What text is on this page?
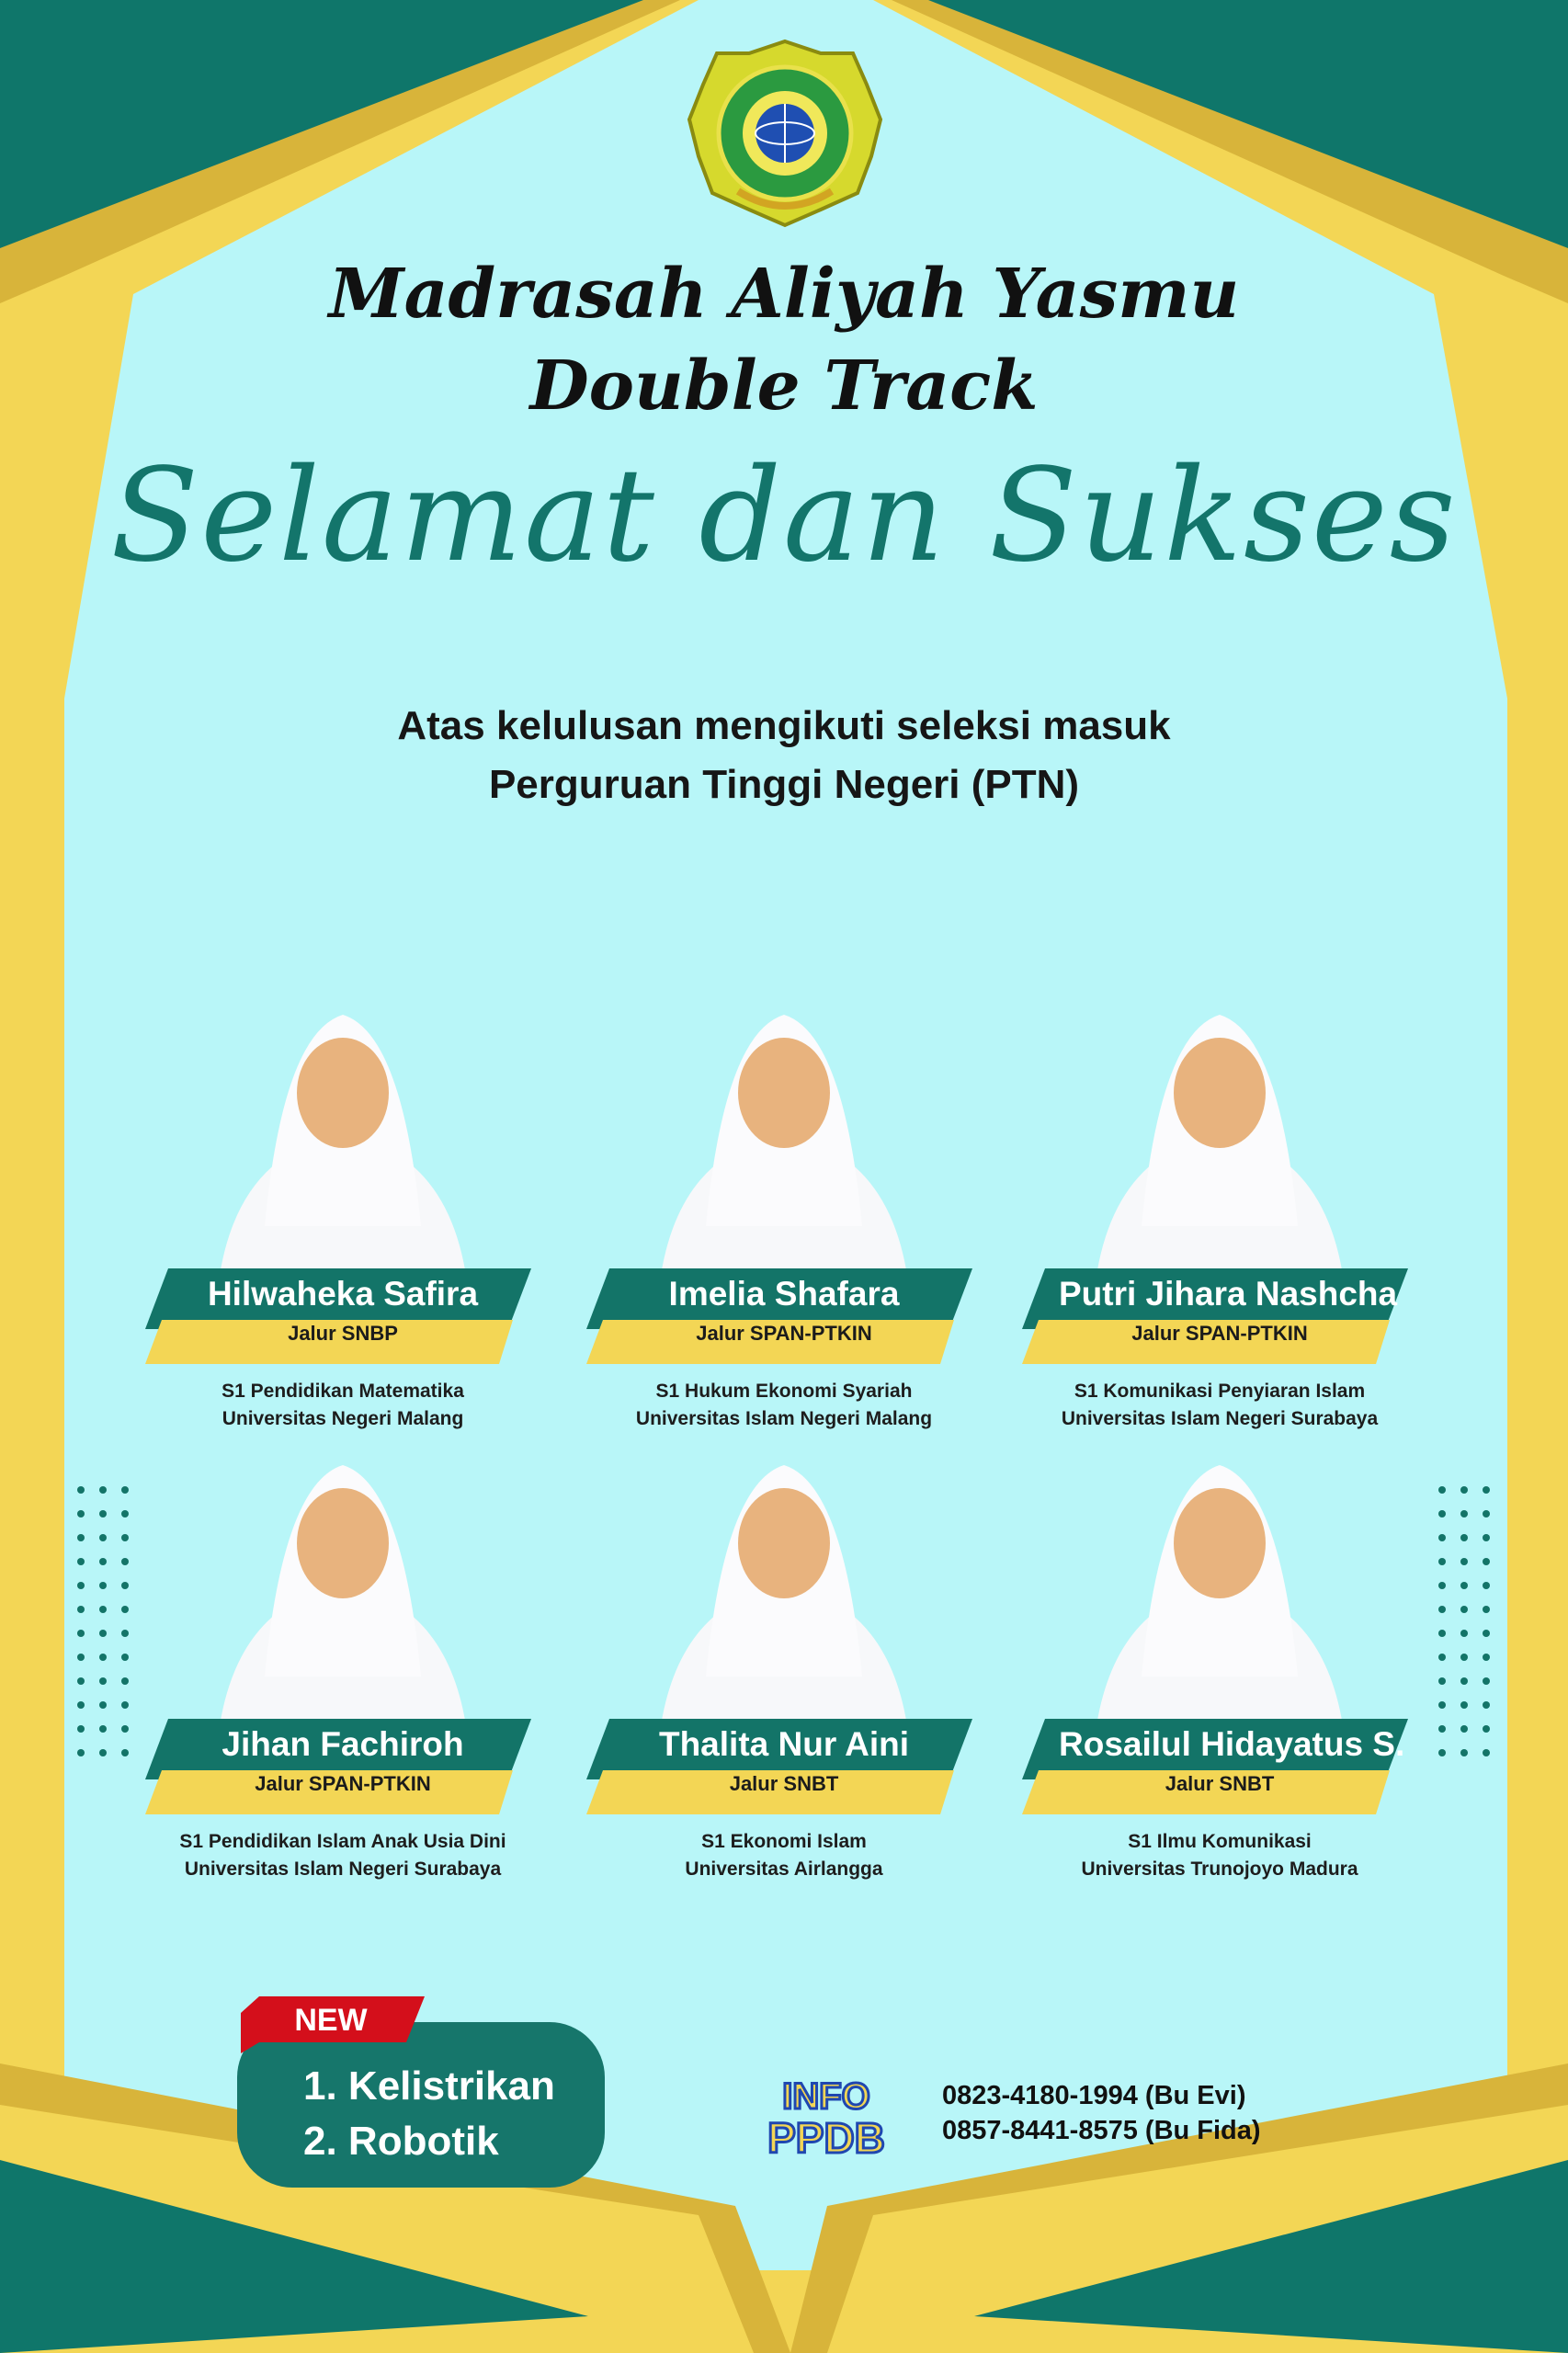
Madrasah Aliyah Yasmu
Double Track
Selamat dan Sukses
Atas kelulusan mengikuti seleksi masuk
Perguruan Tinggi Negeri (PTN)
Hilwaheka Safira
Jalur SNBP
S1 Pendidikan Matematika
Universitas Negeri Malang
Imelia Shafara
Jalur SPAN-PTKIN
S1 Hukum Ekonomi Syariah
Universitas Islam Negeri Malang
Putri Jihara Nashcha
Jalur SPAN-PTKIN
S1 Komunikasi Penyiaran Islam
Universitas Islam Negeri Surabaya
Jihan Fachiroh
Jalur SPAN-PTKIN
S1 Pendidikan Islam Anak Usia Dini
Universitas Islam Negeri Surabaya
Thalita Nur Aini
Jalur SNBT
S1 Ekonomi Islam
Universitas Airlangga
Rosailul Hidayatus S.
Jalur SNBT
S1 Ilmu Komunikasi
Universitas Trunojoyo Madura
NEW
1. Kelistrikan
2. Robotik
INFO
PPDB
0823-4180-1994 (Bu Evi)
0857-8441-8575 (Bu Fida)
